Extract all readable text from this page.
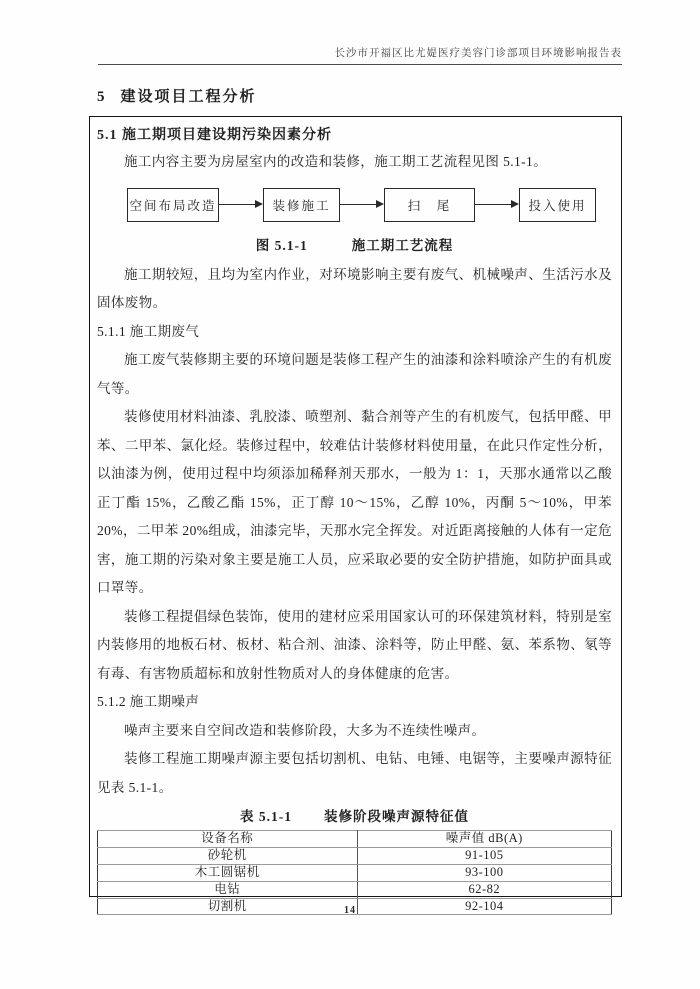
长沙市开福区比尤媞医疗美容门诊部项目环境影响报告表
5 建设项目工程分析
5.1 施工期项目建设期污染因素分析

施工内容主要为房屋室内的改造和装修，施工期工艺流程见图 5.1-1。

空间布局改造	装修施工	扫　尾	投入使用
图 5.1-1	施工期工艺流程

施工期较短，且均为室内作业，对环境影响主要有废气、机械噪声、生活污水及固体废物。

5.1.1 施工期废气

施工废气装修期主要的环境问题是装修工程产生的油漆和涂料喷涂产生的有机废气等。

装修使用材料油漆、乳胶漆、喷塑剂、黏合剂等产生的有机废气，包括甲醛、甲苯、二甲苯、氯化烃。装修过程中，较难估计装修材料使用量，在此只作定性分析，以油漆为例，使用过程中均须添加稀释剂天那水，一般为 1：1，天那水通常以乙酸正丁酯 15%，乙酸乙酯 15%，正丁醇 10～15%，乙醇 10%，丙酮 5～10%，甲苯 20%，二甲苯 20%组成，油漆完毕，天那水完全挥发。对近距离接触的人体有一定危害，施工期的污染对象主要是施工人员，应采取必要的安全防护措施，如防护面具或口罩等。

装修工程提倡绿色装饰，使用的建材应采用国家认可的环保建筑材料，特别是室内装修用的地板石材、板材、粘合剂、油漆、涂料等，防止甲醛、氨、苯系物、氡等有毒、有害物质超标和放射性物质对人的身体健康的危害。

5.1.2 施工期噪声

噪声主要来自空间改造和装修阶段，大多为不连续性噪声。

装修工程施工期噪声源主要包括切割机、电钻、电锤、电锯等，主要噪声源特征见表 5.1-1。

表 5.1-1 装修阶段噪声源特征值
设备名称	噪声值 dB(A)
砂轮机	91-105
木工圆锯机	93-100
电钻	62-82
切割机	92-104
14
